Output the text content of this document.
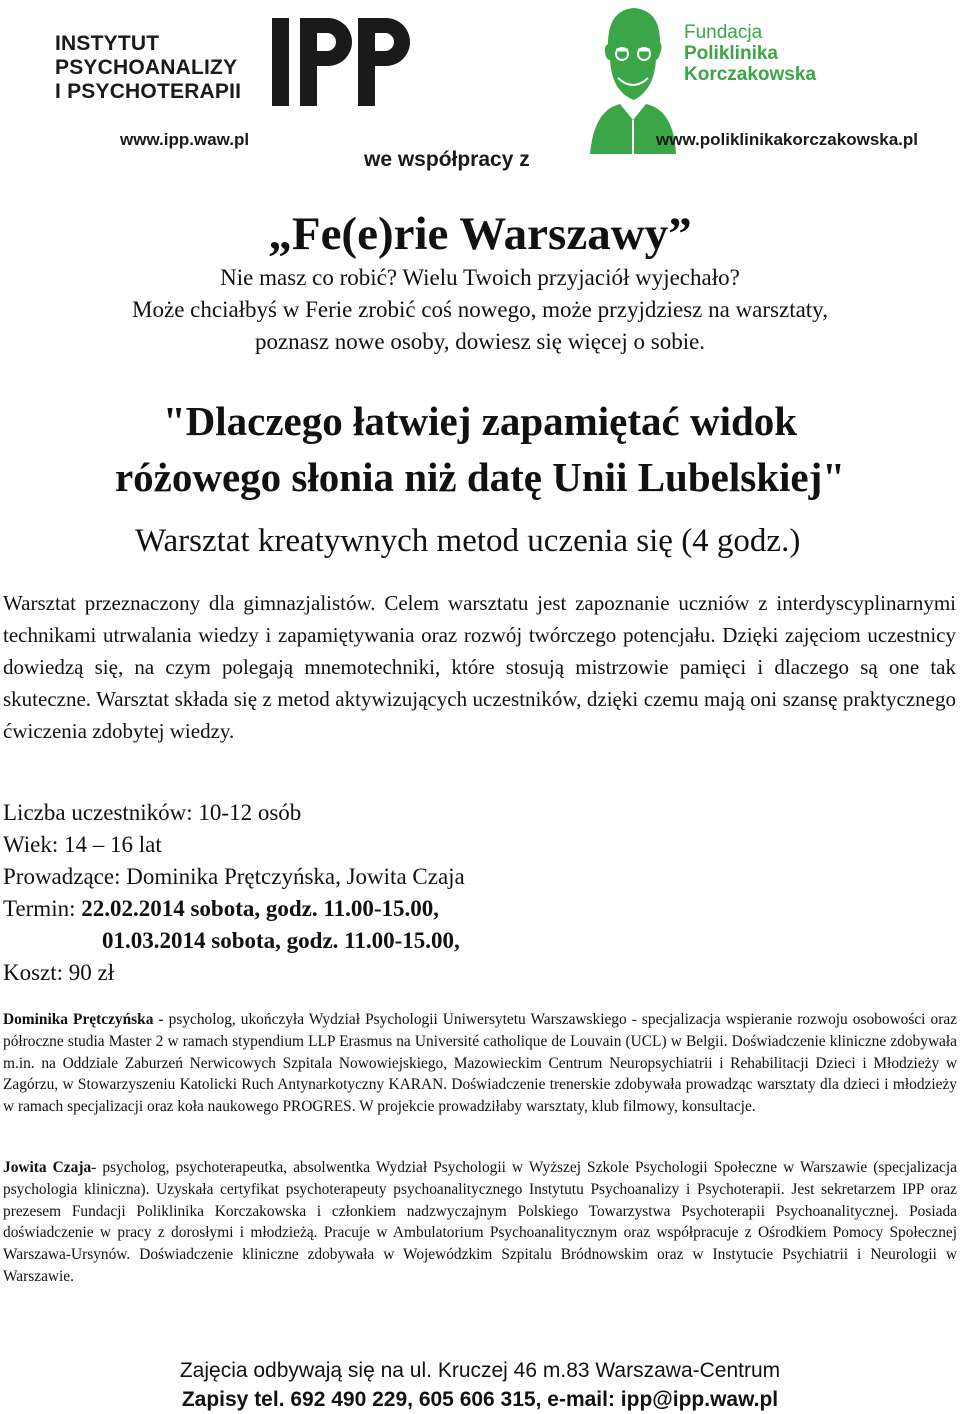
INSTYTUT
PSYCHOANALIZY
I PSYCHOTERAPII
www.ipp.waw.pl
we współpracy z
Fundacja
Poliklinika
Korczakowska
www.poliklinikakorczakowska.pl
„Fe(e)rie Warszawy”
Nie masz co robić? Wielu Twoich przyjaciół wyjechało?
Może chciałbyś w Ferie zrobić coś nowego, może przyjdziesz na warsztaty,
poznasz nowe osoby, dowiesz się więcej o sobie.
"Dlaczego łatwiej zapamiętać widok
różowego słonia niż datę Unii Lubelskiej"
Warsztat kreatywnych metod uczenia się (4 godz.)

Warsztat przeznaczony dla gimnazjalistów. Celem warsztatu jest zapoznanie uczniów z interdyscyplinarnymi technikami utrwalania wiedzy i zapamiętywania oraz rozwój twórczego potencjału. Dzięki zajęciom uczestnicy dowiedzą się, na czym polegają mnemotechniki, które stosują mistrzowie pamięci i dlaczego są one tak skuteczne. Warsztat składa się z metod aktywizujących uczestników, dzięki czemu mają oni szansę praktycznego ćwiczenia zdobytej wiedzy.

Liczba uczestników: 10-12 osób
Wiek: 14 – 16 lat
Prowadzące: Dominika Prętczyńska, Jowita Czaja
Termin: 22.02.2014 sobota, godz. 11.00-15.00,
01.03.2014 sobota, godz. 11.00-15.00,
Koszt: 90 zł

Dominika Prętczyńska - psycholog, ukończyła Wydział Psychologii Uniwersytetu Warszawskiego - specjalizacja wspieranie rozwoju osobowości oraz półroczne studia Master 2 w ramach stypendium LLP Erasmus na Université catholique de Louvain (UCL) w Belgii. Doświadczenie kliniczne zdobywała m.in. na Oddziale Zaburzeń Nerwicowych Szpitala Nowowiejskiego, Mazowieckim Centrum Neuropsychiatrii i Rehabilitacji Dzieci i Młodzieży w Zagórzu, w Stowarzyszeniu Katolicki Ruch Antynarkotyczny KARAN. Doświadczenie trenerskie zdobywała prowadząc warsztaty dla dzieci i młodzieży w ramach specjalizacji oraz koła naukowego PROGRES. W projekcie prowadziłaby warsztaty, klub filmowy, konsultacje.

Jowita Czaja- psycholog, psychoterapeutka, absolwentka Wydział Psychologii w Wyższej Szkole Psychologii Społeczne w Warszawie (specjalizacja psychologia kliniczna). Uzyskała certyfikat psychoterapeuty psychoanalitycznego Instytutu Psychoanalizy i Psychoterapii. Jest sekretarzem IPP oraz prezesem Fundacji Poliklinika Korczakowska i członkiem nadzwyczajnym Polskiego Towarzystwa Psychoterapii Psychoanalitycznej. Posiada doświadczenie w pracy z dorosłymi i młodzieżą. Pracuje w Ambulatorium Psychoanalitycznym oraz współpracuje z Ośrodkiem Pomocy Społecznej Warszawa-Ursynów. Doświadczenie kliniczne zdobywała w Wojewódzkim Szpitalu Bródnowskim oraz w Instytucie Psychiatrii i Neurologii w Warszawie.

Zajęcia odbywają się na ul. Kruczej 46 m.83 Warszawa-Centrum
Zapisy tel. 692 490 229, 605 606 315, e-mail: ipp@ipp.waw.pl
